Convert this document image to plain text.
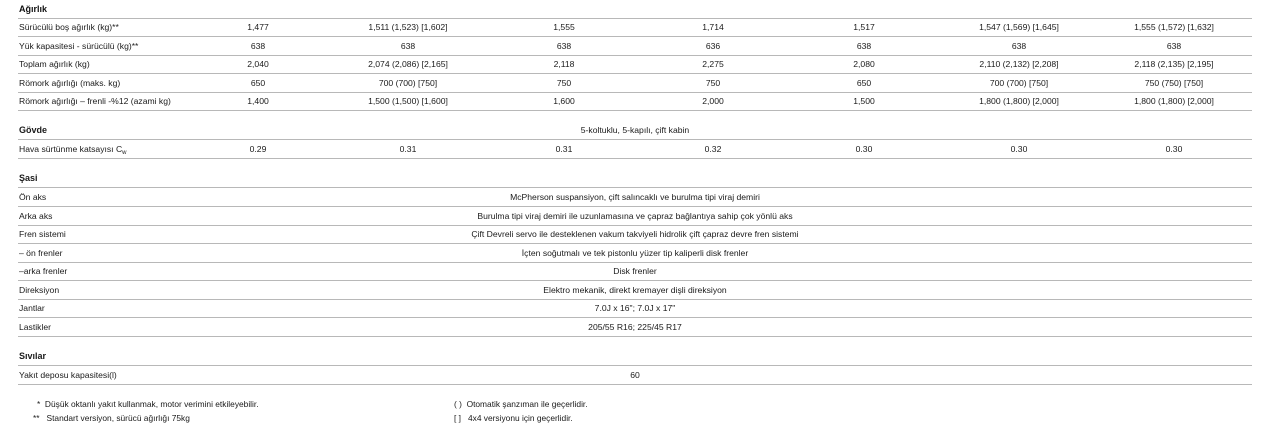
Ağırlık
Sürücülü boş ağırlık (kg)**	1,477	1,511 (1,523) [1,602]	1,555	1,714	1,517	1,547 (1,569) [1,645]	1,555 (1,572) [1,632]
Yük kapasitesi - sürücülü (kg)**	638	638	638	636	638	638	638
Toplam ağırlık (kg)	2,040	2,074 (2,086) [2,165]	2,118	2,275	2,080	2,110 (2,132) [2,208]	2,118 (2,135) [2,195]
Römork ağırlığı (maks. kg)	650	700 (700) [750]	750	750	650	700 (700) [750]	750 (750) [750]
Römork ağırlığı – frenli -%12 (azami kg)	1,400	1,500 (1,500) [1,600]	1,600	2,000	1,500	1,800 (1,800) [2,000]	1,800 (1,800) [2,000]
Gövde	5-koltuklu, 5-kapılı, çift kabin
Hava sürtünme katsayısı $C_w$	0.29	0.31	0.31	0.32	0.30	0.30	0.30
Şasi
Ön aks	McPherson suspansiyon, çift salıncaklı ve burulma tipi viraj demiri
Arka aks	Burulma tipi viraj demiri ile uzunlamasına ve çapraz bağlantıya sahip çok yönlü aks
Fren sistemi	Çift Devreli servo ile desteklenen vakum takviyeli hidrolik çift çapraz devre fren sistemi
– ön frenler	İçten soğutmalı ve tek pistonlu yüzer tip kaliperli disk frenler
–arka frenler	Disk frenler
Direksiyon	Elektro mekanik, direkt kremayer dişli direksiyon
Jantlar	7.0J x 16"; 7.0J x 17"
Lastikler	205/55 R16; 225/45 R17
Sıvılar
Yakıt deposu kapasitesi(l)	60
* Düşük oktanlı yakıt kullanmak, motor verimini etkileyebilir.
** Standart versiyon, sürücü ağırlığı 75kg
( ) Otomatik şanzıman ile geçerlidir.
[ ] 4x4 versiyonu için geçerlidir.
